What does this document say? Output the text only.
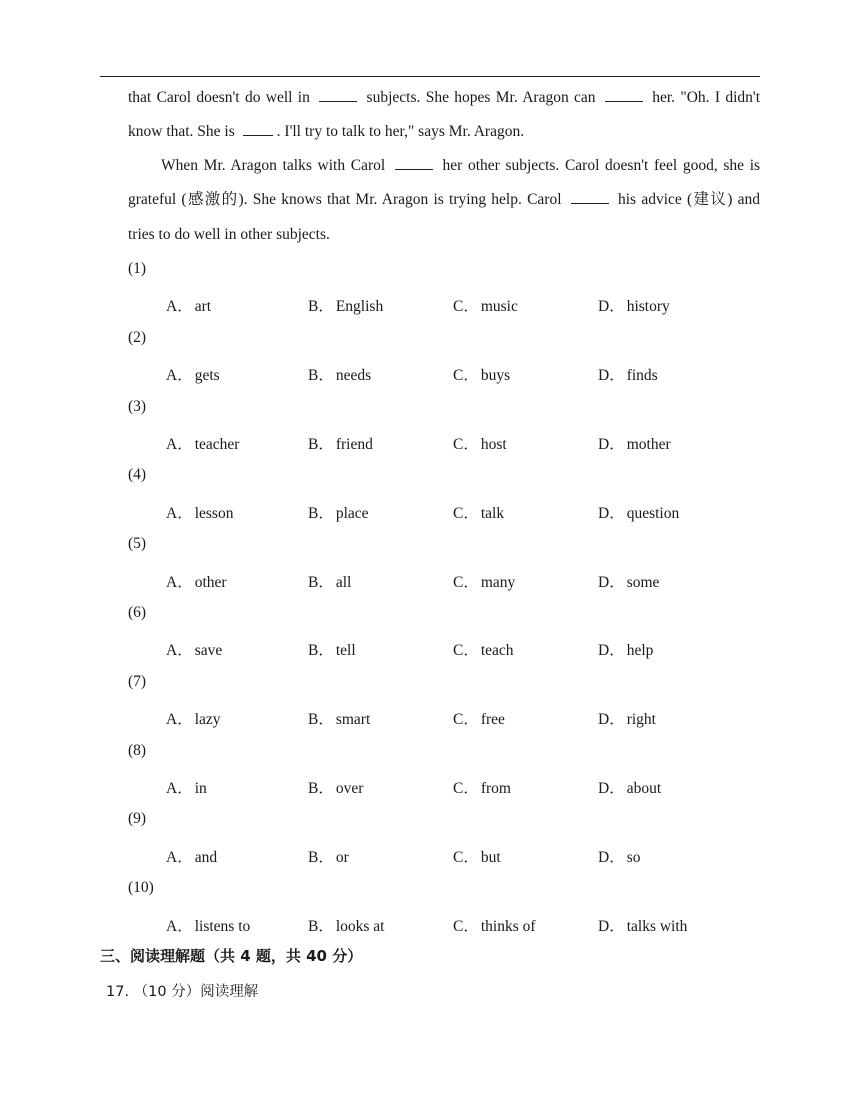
that Carol doesn't do well in	subjects. She hopes Mr. Aragon can	her. "Oh. I didn't know that. She is	. I'll try to talk to her," says Mr. Aragon.
When Mr. Aragon talks with Carol	her other subjects. Carol doesn't feel good, she is grateful (感激的). She knows that Mr. Aragon is trying help. Carol	his advice (建议) and tries to do well in other subjects.
(1)
A． art	B． English	C． music	D． history
(2)
A． gets	B． needs	C． buys	D． finds
(3)
A． teacher	B． friend	C． host	D． mother
(4)
A． lesson	B． place	C． talk	D． question
(5)
A． other	B． all	C． many	D． some
(6)
A． save	B． tell	C． teach	D． help
(7)
A． lazy	B． smart	C． free	D． right
(8)
A． in	B． over	C． from	D． about
(9)
A． and	B． or	C． but	D． so
(10)
A． listens to	B． looks at	C． thinks of	D． talks with
三、阅读理解题（共 4 题，共 40 分）
17. （10 分）阅读理解
